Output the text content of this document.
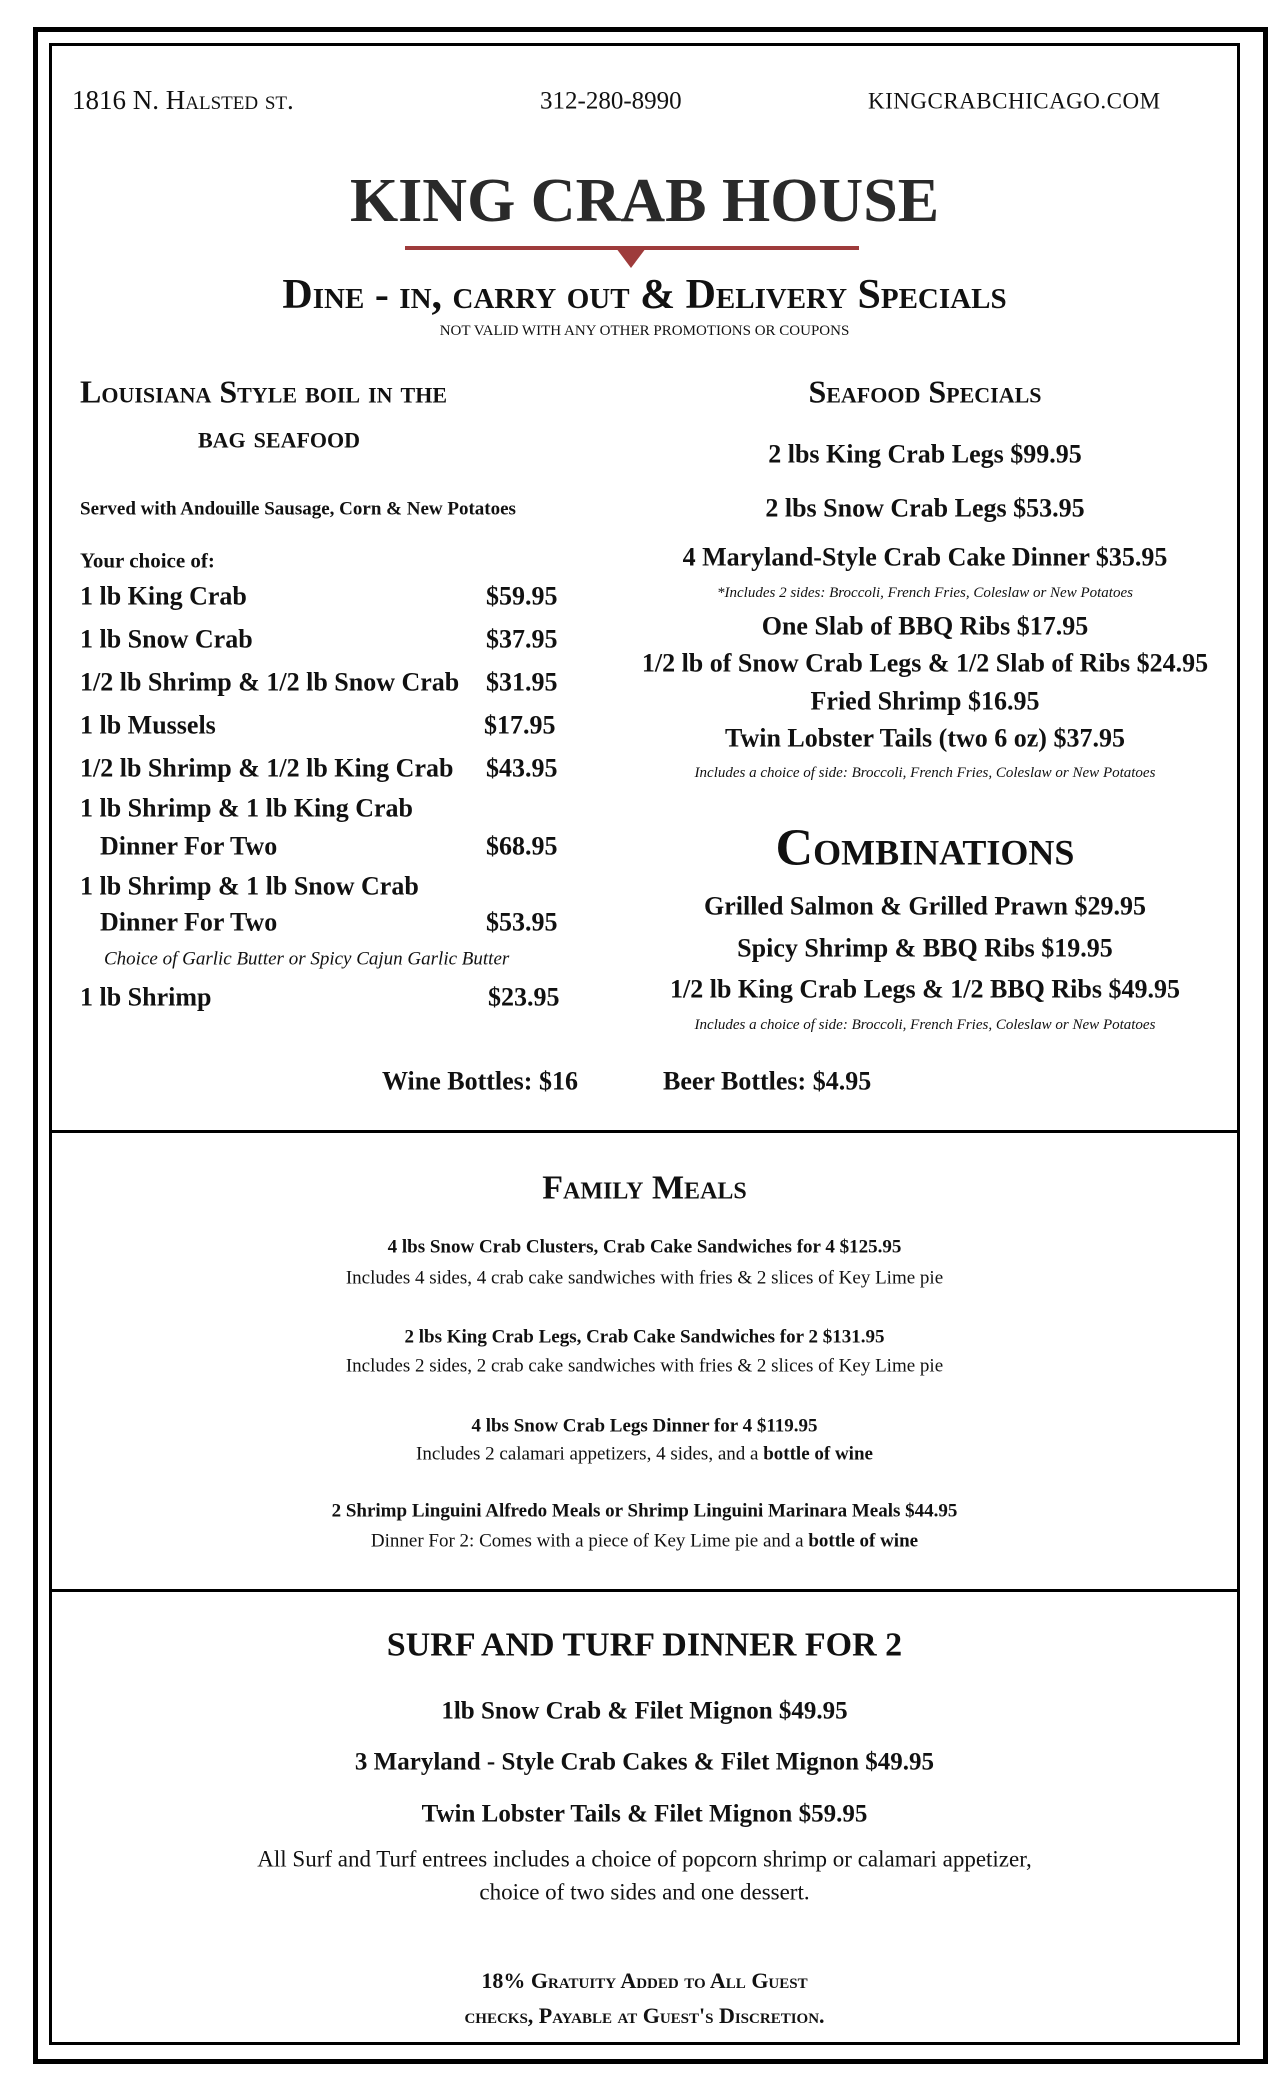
1816 N. Halsted st.	312-280-8990	KINGCRABCHICAGO.COM
KING CRAB HOUSE
Dine - in, carry out & Delivery Specials
NOT VALID WITH ANY OTHER PROMOTIONS OR COUPONS
Louisiana Style boil in the
bag seafood
Served with Andouille Sausage, Corn & New Potatoes
Your choice of:
1 lb King Crab	$59.95
1 lb Snow Crab	$37.95
1/2 lb Shrimp & 1/2 lb Snow Crab $31.95
1 lb Mussels	$17.95
1/2 lb Shrimp & 1/2 lb King Crab $43.95
1 lb Shrimp & 1 lb King Crab
Dinner For Two	$68.95
1 lb Shrimp & 1 lb Snow Crab
Dinner For Two	$53.95
Choice of Garlic Butter or Spicy Cajun Garlic Butter
1 lb Shrimp	$23.95
Seafood Specials
2 lbs King Crab Legs $99.95
2 lbs Snow Crab Legs $53.95
4 Maryland-Style Crab Cake Dinner $35.95
*Includes 2 sides: Broccoli, French Fries, Coleslaw or New Potatoes
One Slab of BBQ Ribs $17.95
1/2 lb of Snow Crab Legs & 1/2 Slab of Ribs $24.95
Fried Shrimp $16.95
Twin Lobster Tails (two 6 oz) $37.95
Includes a choice of side: Broccoli, French Fries, Coleslaw or New Potatoes
Combinations
Grilled Salmon & Grilled Prawn $29.95
Spicy Shrimp & BBQ Ribs $19.95
1/2 lb King Crab Legs & 1/2 BBQ Ribs $49.95
Includes a choice of side: Broccoli, French Fries, Coleslaw or New Potatoes
Wine Bottles: $16	Beer Bottles: $4.95
Family Meals
4 lbs Snow Crab Clusters, Crab Cake Sandwiches for 4 $125.95
Includes 4 sides, 4 crab cake sandwiches with fries & 2 slices of Key Lime pie
2 lbs King Crab Legs, Crab Cake Sandwiches for 2 $131.95
Includes 2 sides, 2 crab cake sandwiches with fries & 2 slices of Key Lime pie
4 lbs Snow Crab Legs Dinner for 4 $119.95
Includes 2 calamari appetizers, 4 sides, and a bottle of wine
2 Shrimp Linguini Alfredo Meals or Shrimp Linguini Marinara Meals $44.95
Dinner For 2: Comes with a piece of Key Lime pie and a bottle of wine
SURF AND TURF DINNER FOR 2
1lb Snow Crab & Filet Mignon $49.95
3 Maryland - Style Crab Cakes & Filet Mignon $49.95
Twin Lobster Tails & Filet Mignon $59.95
All Surf and Turf entrees includes a choice of popcorn shrimp or calamari appetizer,
choice of two sides and one dessert.
18% Gratuity Added to All Guest
checks, Payable at Guest's Discretion.
